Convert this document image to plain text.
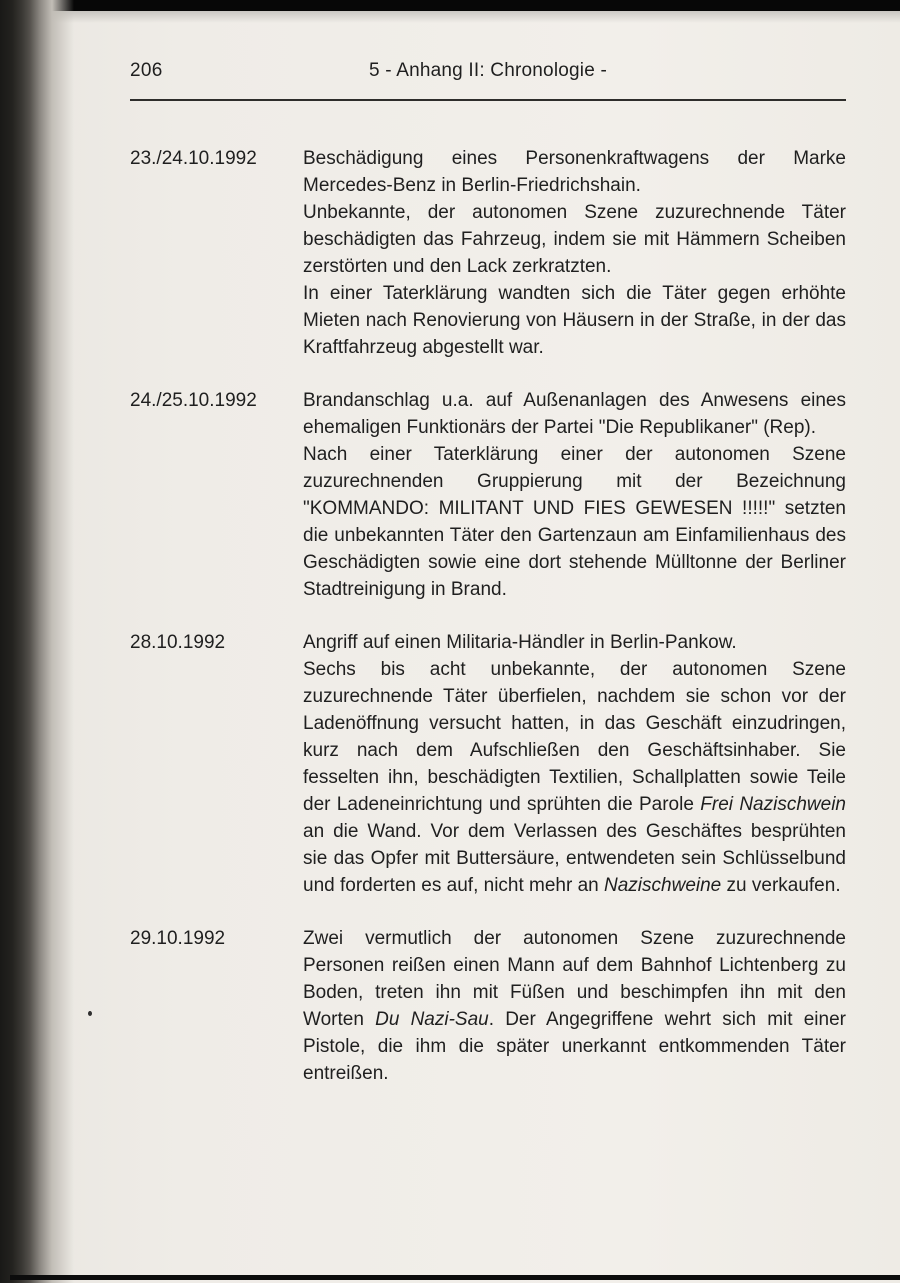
206	5 - Anhang II: Chronologie -
23./24.10.1992	Beschädigung eines Personenkraftwagens der Marke Mercedes-Benz in Berlin-Friedrichshain.

Unbekannte, der autonomen Szene zuzurechnende Täter beschädigten das Fahrzeug, indem sie mit Hämmern Scheiben zerstörten und den Lack zerkratzten.

In einer Taterklärung wandten sich die Täter gegen erhöhte Mieten nach Renovierung von Häusern in der Straße, in der das Kraftfahrzeug abgestellt war.

24./25.10.1992	Brandanschlag u.a. auf Außenanlagen des Anwesens eines ehemaligen Funktionärs der Partei "Die Republikaner" (Rep).

Nach einer Taterklärung einer der autonomen Szene zuzurechnenden Gruppierung mit der Bezeichnung "KOMMANDO: MILITANT UND FIES GEWESEN !!!!!" setzten die unbekannten Täter den Gartenzaun am Einfamilienhaus des Geschädigten sowie eine dort stehende Mülltonne der Berliner Stadtreinigung in Brand.

28.10.1992	Angriff auf einen Militaria-Händler in Berlin-Pankow.

Sechs bis acht unbekannte, der autonomen Szene zuzurechnende Täter überfielen, nachdem sie schon vor der Ladenöffnung versucht hatten, in das Geschäft einzudringen, kurz nach dem Aufschließen den Geschäftsinhaber. Sie fesselten ihn, beschädigten Textilien, Schallplatten sowie Teile der Ladeneinrichtung und sprühten die Parole Frei Nazischwein an die Wand. Vor dem Verlassen des Geschäftes besprühten sie das Opfer mit Buttersäure, entwendeten sein Schlüsselbund und forderten es auf, nicht mehr an Nazischweine zu verkaufen.

29.10.1992	Zwei vermutlich der autonomen Szene zuzurechnende Personen reißen einen Mann auf dem Bahnhof Lichtenberg zu Boden, treten ihn mit Füßen und beschimpfen ihn mit den Worten Du Nazi-Sau. Der Angegriffene wehrt sich mit einer Pistole, die ihm die später unerkannt entkommenden Täter entreißen.
